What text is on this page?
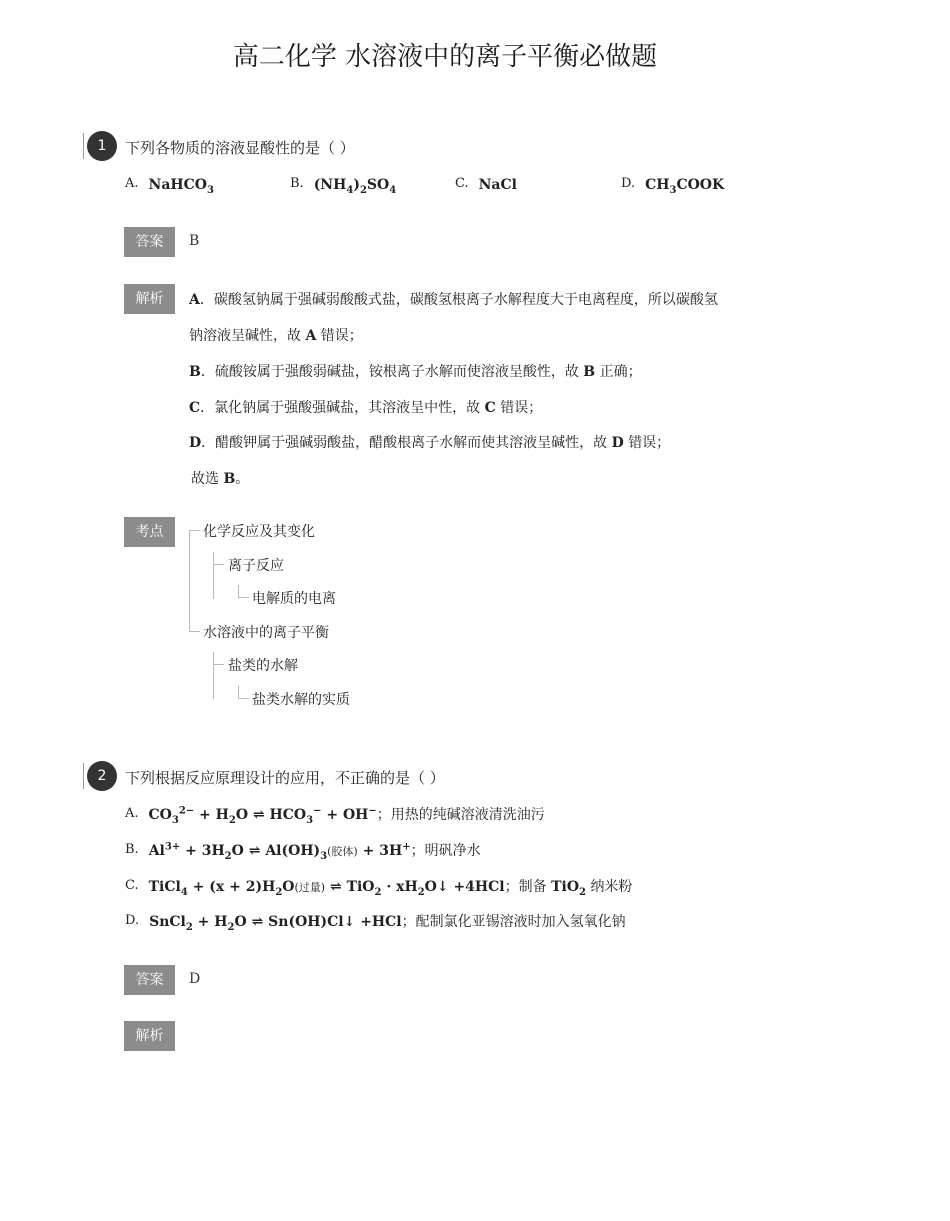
高二化学 水溶液中的离子平衡必做题
1	下列各物质的溶液显酸性的是（ ）
A. NaHCO$_3$	B. $(NH_4)_2SO_4$	C. NaCl	D. $CH_3COOK$
答案	B
解析	A．碳酸氢钠属于强碱弱酸酸式盐，碳酸氢根离子水解程度大于电离程度，所以碳酸氢
钠溶液呈碱性，故 A 错误；
B．硫酸铵属于强酸弱碱盐，铵根离子水解而使溶液呈酸性，故 B 正确；
C．氯化钠属于强酸强碱盐，其溶液呈中性，故 C 错误；
D．醋酸钾属于强碱弱酸盐，醋酸根离子水解而使其溶液呈碱性，故 D 错误；
故选 B。
考点	化学反应及其变化
离子反应
电解质的电离
水溶液中的离子平衡
盐类的水解
盐类水解的实质
2	下列根据反应原理设计的应用，不正确的是（ ）
A. $CO_3^{2-} + H_2O$ ⇌ $HCO_3^- + OH^-$；用热的纯碱溶液清洗油污
B. $Al^{3+} + 3H_2O$ ⇌ $Al(OH)_3$(胶体) + 3H+；明矾净水
C. TiCl$_4$ + $(x + 2)H_2O$(过量) ⇌ $TiO_2 \cdot xH_2O↓ +4HCl$；制备 TiO$_2$ 纳米粉
D. SnCl$_2$ + $H_2O$ ⇌ Sn(OH)Cl↓ +HCl；配制氯化亚锡溶液时加入氢氧化钠
答案	D
解析
